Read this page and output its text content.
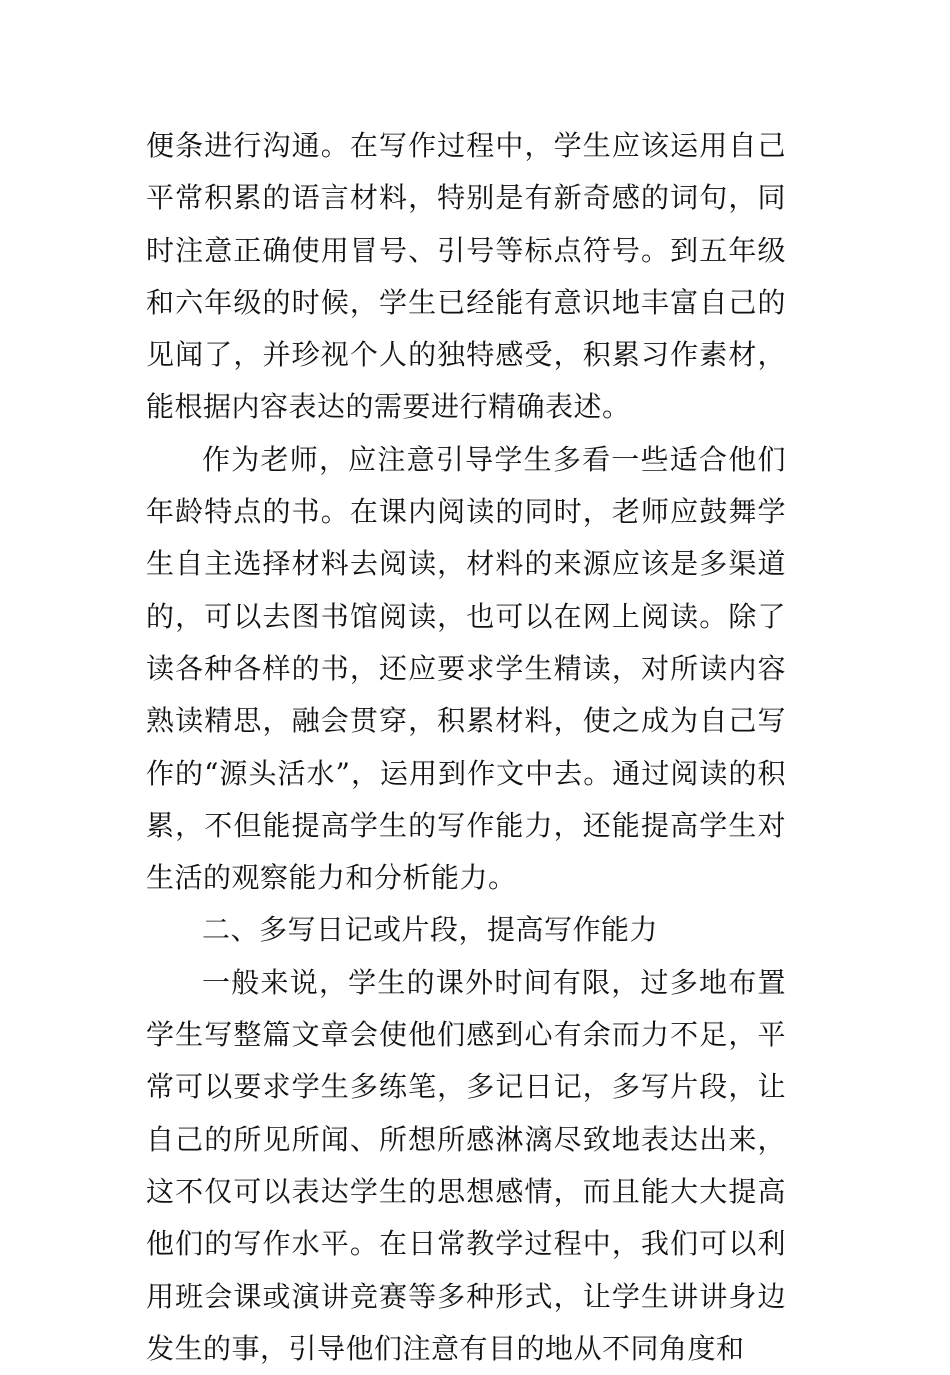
便条进行沟通。在写作过程中，学生应该运用自己平常积累的语言材料，特别是有新奇感的词句，同时注意正确使用冒号、引号等标点符号。到五年级和六年级的时候，学生已经能有意识地丰富自己的见闻了，并珍视个人的独特感受，积累习作素材，能根据内容表达的需要进行精确表述。

作为老师，应注意引导学生多看一些适合他们年龄特点的书。在课内阅读的同时，老师应鼓舞学生自主选择材料去阅读，材料的来源应该是多渠道的，可以去图书馆阅读，也可以在网上阅读。除了读各种各样的书，还应要求学生精读，对所读内容熟读精思，融会贯穿，积累材料，使之成为自己写作的“源头活水”，运用到作文中去。通过阅读的积累，不但能提高学生的写作能力，还能提高学生对生活的观察能力和分析能力。

二、多写日记或片段，提高写作能力

一般来说，学生的课外时间有限，过多地布置学生写整篇文章会使他们感到心有余而力不足，平常可以要求学生多练笔，多记日记，多写片段，让自己的所见所闻、所想所感淋漓尽致地表达出来，这不仅可以表达学生的思想感情，而且能大大提高他们的写作水平。在日常教学过程中，我们可以利用班会课或演讲竞赛等多种形式，让学生讲讲身边发生的事，引导他们注意有目的地从不同角度和
